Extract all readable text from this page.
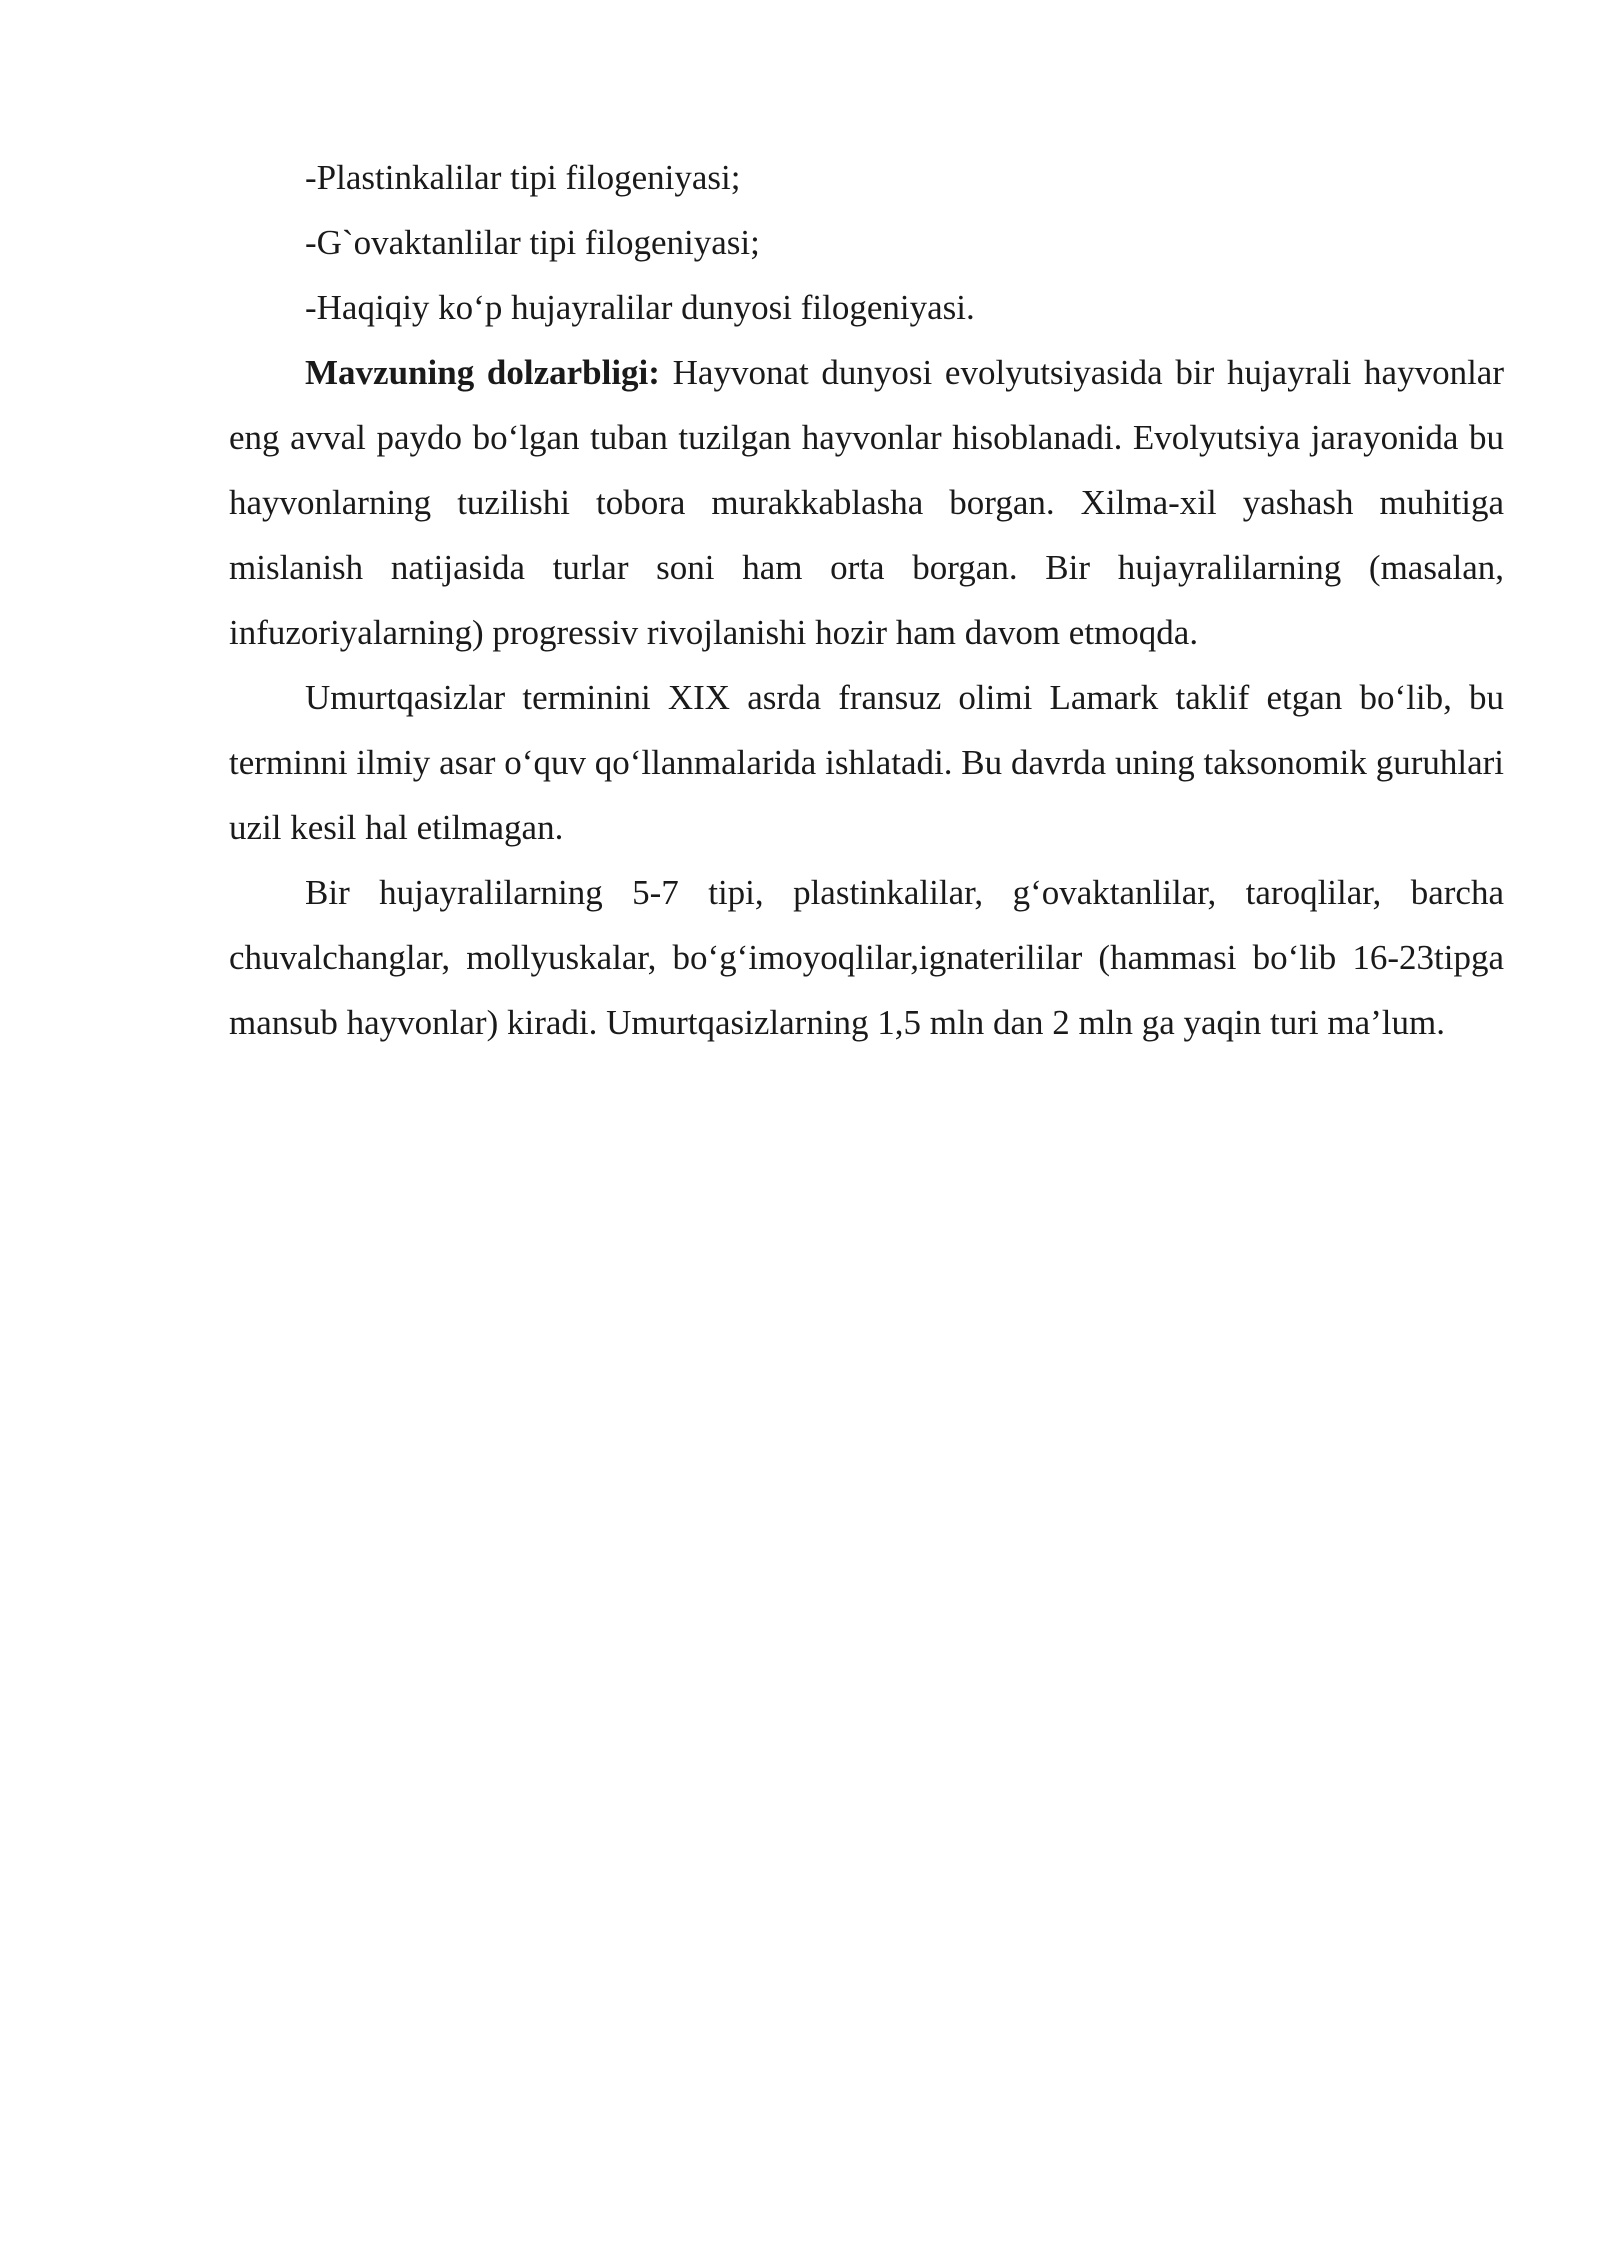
-Plastinkalilar tipi filogeniyasi;

-G`ovaktanlilar tipi filogeniyasi;

-Haqiqiy ko‘p hujayralilar dunyosi filogeniyasi.

Mavzuning dolzarbligi: Hayvonat dunyosi evolyutsiyasida bir hujayrali hayvonlar eng avval paydo bo‘lgan tuban tuzilgan hayvonlar hisoblanadi. Evolyutsiya jarayonida bu hayvonlarning tuzilishi tobora murakkablasha borgan. Xilma-xil yashash muhitiga mislanish natijasida turlar soni ham orta borgan. Bir hujayralilarning (masalan, infuzoriyalarning) progressiv rivojlanishi hozir ham davom etmoqda.

Umurtqasizlar terminini XIX asrda fransuz olimi Lamark taklif etgan bo‘lib, bu terminni ilmiy asar o‘quv qo‘llanmalarida ishlatadi. Bu davrda uning taksonomik guruhlari uzil kesil hal etilmagan.

Bir hujayralilarning 5-7 tipi, plastinkalilar, g‘ovaktanlilar, taroqlilar, barcha chuvalchanglar, mollyuskalar, bo‘g‘imoyoqlilar,ignaterililar (hammasi bo‘lib 16-23tipga mansub hayvonlar) kiradi. Umurtqasizlarning 1,5 mln dan 2 mln ga yaqin turi ma’lum.
